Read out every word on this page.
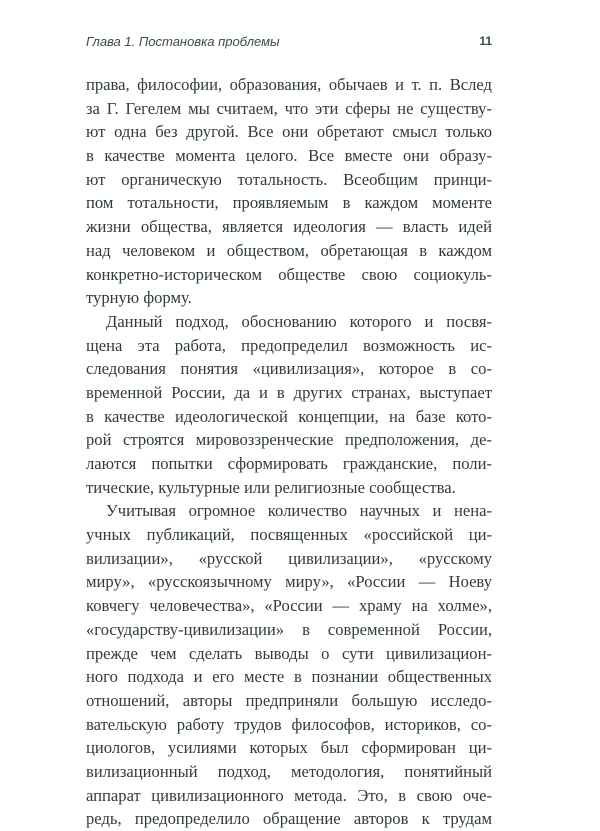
Глава 1. Постановка проблемы	11
права, философии, образования, обычаев и т. п. Вслед
за Г. Гегелем мы считаем, что эти сферы не существу-
ют одна без другой. Все они обретают смысл только
в качестве момента целого. Все вместе они образу-
ют органическую тотальность. Всеобщим принци-
пом тотальности, проявляемым в каждом моменте
жизни общества, является идеология — власть идей
над человеком и обществом, обретающая в каждом
конкретно-историческом обществе свою социокуль-
турную форму.
Данный подход, обоснованию которого и посвя-
щена эта работа, предопределил возможность ис-
следования понятия «цивилизация», которое в со-
временной России, да и в других странах, выступает
в качестве идеологической концепции, на базе кото-
рой строятся мировоззренческие предположения, де-
лаются попытки сформировать гражданские, поли-
тические, культурные или религиозные сообщества.
Учитывая огромное количество научных и нена-
учных публикаций, посвященных «российской ци-
вилизации», «русской цивилизации», «русскому
миру», «русскоязычному миру», «России — Ноеву
ковчегу человечества», «России — храму на холме»,
«государству-цивилизации» в современной России,
прежде чем сделать выводы о сути цивилизацион-
ного подхода и его месте в познании общественных
отношений, авторы предприняли большую исследо-
вательскую работу трудов философов, историков, со-
циологов, усилиями которых был сформирован ци-
вилизационный подход, методология, понятийный
аппарат цивилизационного метода. Это, в свою оче-
редь, предопределило обращение авторов к трудам
